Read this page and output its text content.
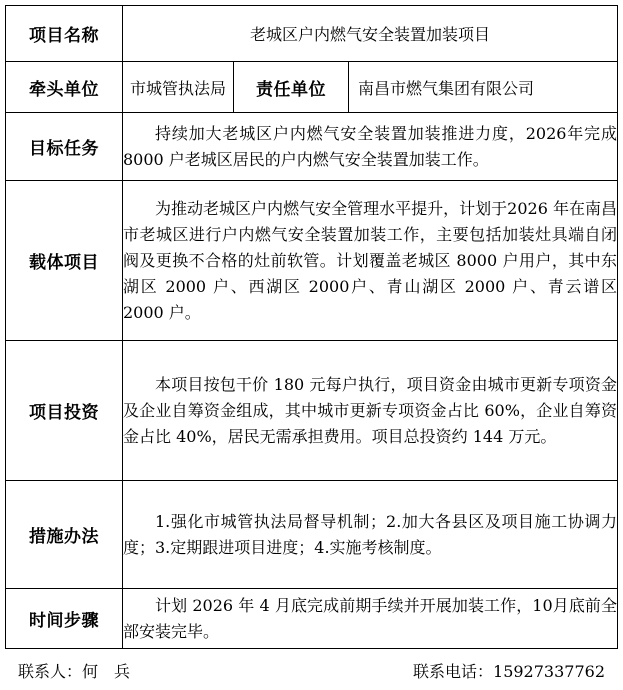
项目名称	老城区户内燃气安全装置加装项目		
牵头单位	市城管执法局	责任单位	南昌市燃气集团有限公司
目标任务	持续加大老城区户内燃气安全装置加装推进力度，2026年完成 8000 户老城区居民的户内燃气安全装置加装工作。		

载体项目	为推动老城区户内燃气安全管理水平提升，计划于2026 年在南昌市老城区进行户内燃气安全装置加装工作，主要包括加装灶具端自闭阀及更换不合格的灶前软管。计划覆盖老城区 8000 户用户，其中东湖区 2000 户、西湖区 2000户、青山湖区 2000 户、青云谱区 2000 户。		

项目投资	本项目按包干价 180 元每户执行，项目资金由城市更新专项资金及企业自筹资金组成，其中城市更新专项资金占比 60%，企业自筹资金占比 40%，居民无需承担费用。项目总投资约 144 万元。		

措施办法	1.强化市城管执法局督导机制；2.加大各县区及项目施工协调力度；3.定期跟进项目进度；4.实施考核制度。		

时间步骤	计划 2026 年 4 月底完成前期手续并开展加装工作，10月底前全部安装完毕。		
联系人：何　兵	联系电话：15927337762
